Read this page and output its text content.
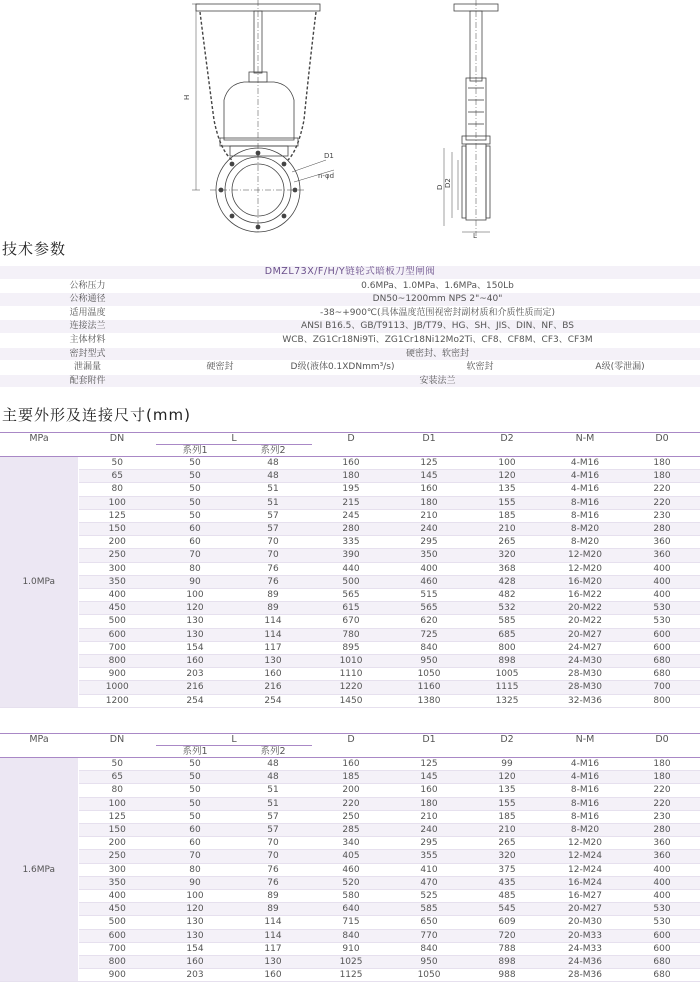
H
D1
n-φd
D D2
L
技术参数
DMZL73X/F/H/Y链轮式暗板刀型闸阀				
公称压力	0.6MPa、1.0MPa、1.6MPa、150Lb			
公称通径	DN50~1200mm NPS 2"~40"			
适用温度	-38~+900℃(具体温度范围视密封副材质和介质性质而定)			
连接法兰	ANSI B16.5、GB/T9113、JB/T79、HG、SH、JIS、DIN、NF、BS			
主体材料	WCB、ZG1Cr18Ni9Ti、ZG1Cr18Ni12Mo2Ti、CF8、CF8M、CF3、CF3M			
密封型式	硬密封、软密封			
泄漏量	硬密封	D级(液体0.1XDNmm³/s)	软密封	A级(零泄漏)
配套附件	安装法兰			
主要外形及连接尺寸(mm)
MPa	DN	L		D	D1	D2	N-M	D0
		系列1	系列2					
1.0MPa	50	50	48	160	125	100	4-M16	180
	65	50	48	180	145	120	4-M16	180
	80	50	51	195	160	135	4-M16	220
	100	50	51	215	180	155	8-M16	220
	125	50	57	245	210	185	8-M16	230
	150	60	57	280	240	210	8-M20	280
	200	60	70	335	295	265	8-M20	360
	250	70	70	390	350	320	12-M20	360
	300	80	76	440	400	368	12-M20	400
	350	90	76	500	460	428	16-M20	400
	400	100	89	565	515	482	16-M22	400
	450	120	89	615	565	532	20-M22	530
	500	130	114	670	620	585	20-M22	530
	600	130	114	780	725	685	20-M27	600
	700	154	117	895	840	800	24-M27	600
	800	160	130	1010	950	898	24-M30	680
	900	203	160	1110	1050	1005	28-M30	680
	1000	216	216	1220	1160	1115	28-M30	700
	1200	254	254	1450	1380	1325	32-M36	800
MPa	DN	L		D	D1	D2	N-M	D0
		系列1	系列2					
1.6MPa	50	50	48	160	125	99	4-M16	180
	65	50	48	185	145	120	4-M16	180
	80	50	51	200	160	135	8-M16	220
	100	50	51	220	180	155	8-M16	220
	125	50	57	250	210	185	8-M16	230
	150	60	57	285	240	210	8-M20	280
	200	60	70	340	295	265	12-M20	360
	250	70	70	405	355	320	12-M24	360
	300	80	76	460	410	375	12-M24	400
	350	90	76	520	470	435	16-M24	400
	400	100	89	580	525	485	16-M27	400
	450	120	89	640	585	545	20-M27	530
	500	130	114	715	650	609	20-M30	530
	600	130	114	840	770	720	20-M33	600
	700	154	117	910	840	788	24-M33	600
	800	160	130	1025	950	898	24-M36	680
	900	203	160	1125	1050	988	28-M36	680
